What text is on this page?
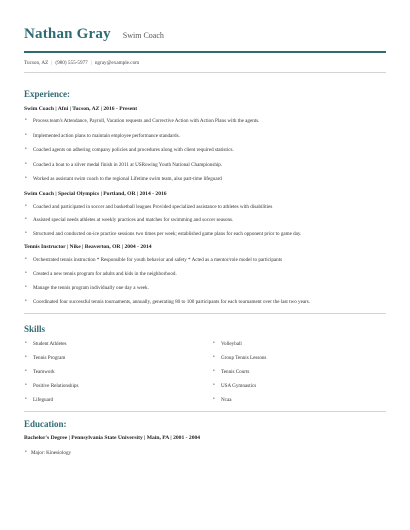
Nathan Gray Swim Coach
Tucson, AZ | (980) 555-5977 | ngray@example.com
Experience:
Swim Coach | Afni | Tucson, AZ | 2016 - Present
• Process team's Attendance, Payroll, Vacation requests and Corrective Action with Action Plans with the agents.
• Implemented action plans to maintain employee performance standards.
• Coached agents on adhering company policies and procedures along with client required statistics.
• Coached a boat to a silver medal finish in 2011 at USRowing Youth National Championship.
• Worked as assistant swim coach to the regional Lifetime swim team, also part-time lifeguard
Swim Coach | Special Olympics | Portland, OR | 2014 - 2016
• Coached and participated in soccer and basketball leagues Provided specialized assistance to athletes with disabilities
• Assisted special needs athletes at weekly practices and matches for swimming and soccer seasons.
• Structured and conducted on-ice practice sessions two times per week; established game plans for each opponent prior to game day.
Tennis Instructor | Nike | Beaverton, OR | 2004 - 2014
• Orchestrated tennis instruction * Responsible for youth behavior and safety * Acted as a mentor/role model to participants
• Created a new tennis program for adults and kids in the neighborhood.
• Manage the tennis program individually one day a week.
• Coordinated four successful tennis tournaments, annually, generating 80 to 100 participants for each tournament over the last two years.
Skills
• Student Athletes
• Tennis Program
• Teamwork
• Positive Relationships
• Lifeguard
• Volleyball
• Group Tennis Lessons
• Tennis Courts
• USA Gymnastics
• Ncaa
Education:
Bachelor's Degree | Pennsylvania State University | Main, PA | 2001 - 2004
• Major: Kinesiology
